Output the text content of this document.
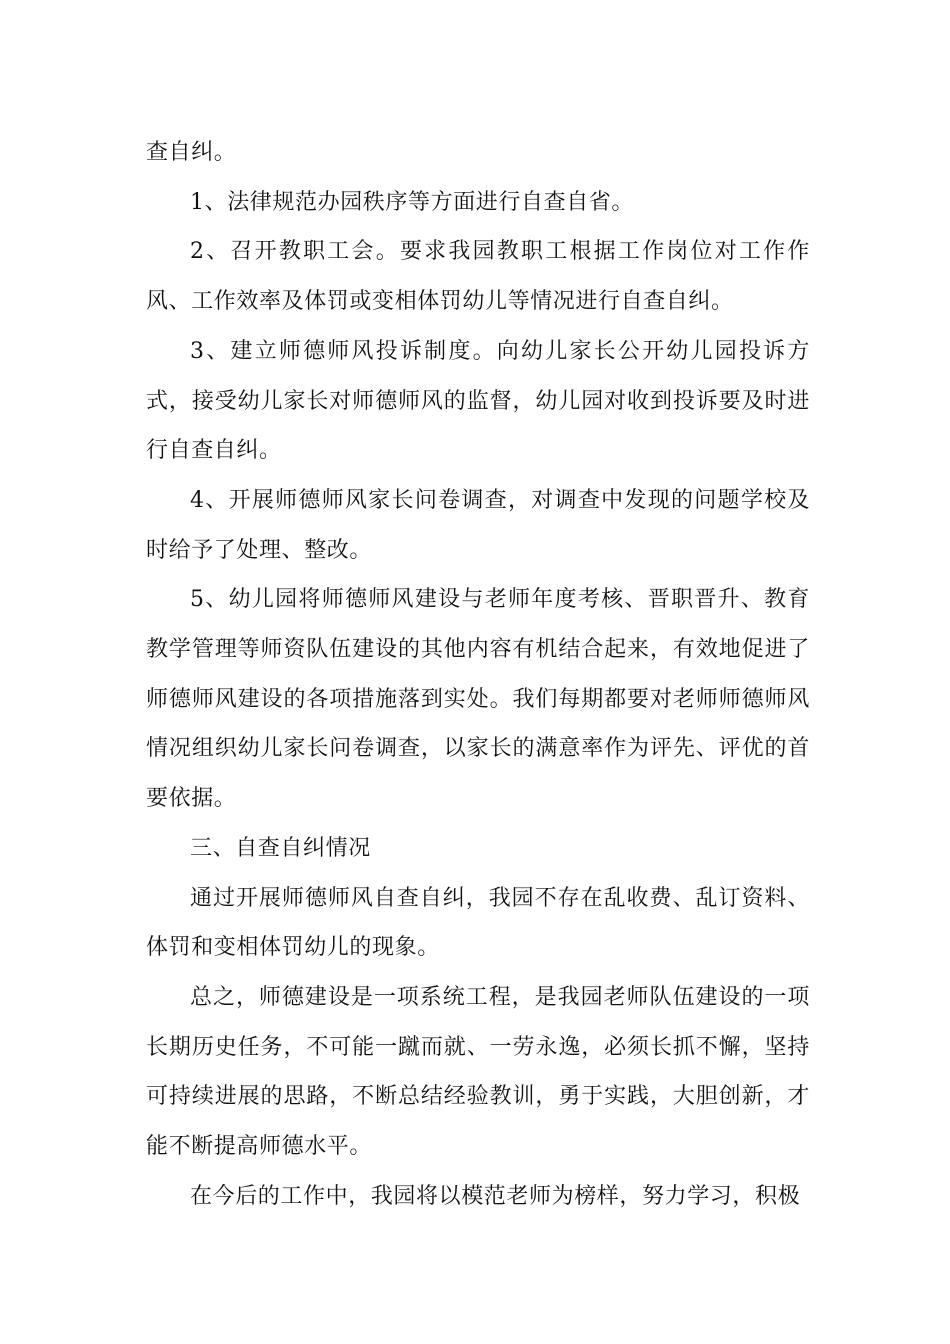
查自纠。

1、法律规范办园秩序等方面进行自查自省。

2、召开教职工会。要求我园教职工根据工作岗位对工作作风、工作效率及体罚或变相体罚幼儿等情况进行自查自纠。

3、建立师德师风投诉制度。向幼儿家长公开幼儿园投诉方式，接受幼儿家长对师德师风的监督，幼儿园对收到投诉要及时进行自查自纠。

4、开展师德师风家长问卷调查，对调查中发现的问题学校及时给予了处理、整改。

5、幼儿园将师德师风建设与老师年度考核、晋职晋升、教育教学管理等师资队伍建设的其他内容有机结合起来，有效地促进了师德师风建设的各项措施落到实处。我们每期都要对老师师德师风情况组织幼儿家长问卷调查，以家长的满意率作为评先、评优的首要依据。

三、自查自纠情况

通过开展师德师风自查自纠，我园不存在乱收费、乱订资料、体罚和变相体罚幼儿的现象。

总之，师德建设是一项系统工程，是我园老师队伍建设的一项长期历史任务，不可能一蹴而就、一劳永逸，必须长抓不懈，坚持可持续进展的思路，不断总结经验教训，勇于实践，大胆创新，才能不断提高师德水平。

在今后的工作中，我园将以模范老师为榜样，努力学习，积极
